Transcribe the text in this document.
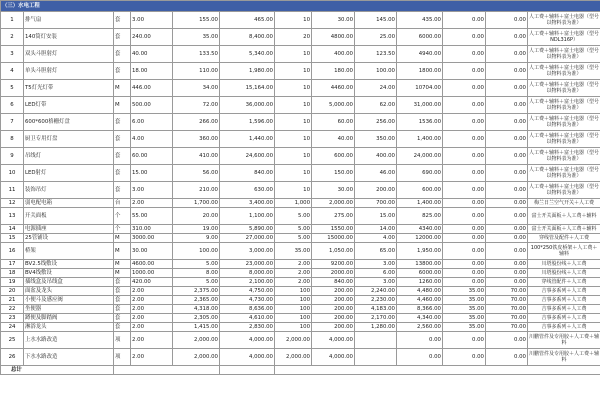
（三）水电工程												
1	排气扇	套	3.00	155.00	465.00	10	30.00	145.00	435.00	0.00	0.00	人工费＋辅料＋富士电器（型号以物料表为准）
2	140筒灯安装	套	240.00	35.00	8,400.00	20	4800.00	25.00	6000.00	0.00	0.00	人工费＋辅料＋富士电器（型号NDL316P）
3	双头斗胆射灯	套	40.00	133.50	5,340.00	10	400.00	123.50	4940.00	0.00	0.00	人工费＋辅料＋富士电器（型号以物料表为准）
4	单头斗胆射灯	套	18.00	110.00	1,980.00	10	180.00	100.00	1800.00	0.00	0.00	人工费＋辅料＋富士电器（型号以物料表为准）
5	T5灯光灯带	M	446.00	34.00	15,164.00	10	4460.00	24.00	10704.00	0.00	0.00	人工费＋辅料＋富士电器（型号以物料表为准）
6	LED灯带	M	500.00	72.00	36,000.00	10	5,000.00	62.00	31,000.00	0.00	0.00	人工费＋辅料＋富士电器（型号以物料表为准）
7	600*600格栅灯盘	套	6.00	266.00	1,596.00	10	60.00	256.00	1536.00	0.00	0.00	人工费＋辅料＋富士电器（型号以物料表为准）
8	厨卫专用灯盘	套	4.00	360.00	1,440.00	10	40.00	350.00	1,400.00	0.00	0.00	人工费＋辅料＋富士电器（型号以物料表为准）
9	吊线灯	套	60.00	410.00	24,600.00	10	600.00	400.00	24,000.00	0.00	0.00	人工费＋辅料＋富士电器（型号以物料表为准）
10	LED射灯	套	15.00	56.00	840.00	10	150.00	46.00	690.00	0.00	0.00	人工费＋辅料＋富士电器（型号以物料表为准）
11	装饰吊灯	套	3.00	210.00	630.00	10	30.00	200.00	600.00	0.00	0.00	人工费＋辅料＋富士电器（型号以物料表为准）
12	弱电配电箱	台	2.00	1,700.00	3,400.00	1,000	2,000.00	700.00	1,400.00	0.00	0.00	梅兰日兰空气开关＋人工费
13	开关面板	个	55.00	20.00	1,100.00	5.00	275.00	15.00	825.00	0.00	0.00	富士开关面板＋人工费＋辅料
14	电源插座	个	310.00	19.00	5,890.00	5.00	1550.00	14.00	4340.00	0.00	0.00	富士开关面板＋人工费＋辅料
15	25管铺设	M	3000.00	9.00	27,000.00	5.00	15000.00	4.00	12000.00	0.00	0.00	穿线管及配件＋人工费
16	桥架	M	30.00	100.00	3,000.00	35.00	1,050.00	65.00	1,950.00	0.00	0.00	100*250铁皮桥架＋人工费＋辅料
17	BV2.5线敷设	M	4600.00	5.00	23,000.00	2.00	9200.00	3.00	13800.00	0.00	0.00	川塔股份线＋人工费
18	BV4线敷设	M	1000.00	8.00	8,000.00	2.00	2000.00	6.00	6000.00	0.00	0.00	川塔股份线＋人工费
19	插线盒及吊线盒	套	420.00	5.00	2,100.00	2.00	840.00	3.00	1260.00	0.00	0.00	穿线管配件＋人工费
20	面盆及龙头	套	2.00	2,375.00	4,750.00	100	200.00	2,240.00	4,480.00	35.00	70.00	吉事多系列＋人工费
21	小便斗及感应阀	套	2.00	2,365.00	4,730.00	100	200.00	2,230.00	4,460.00	35.00	70.00	吉事多系列＋人工费
22	坐便器	套	2.00	4,318.00	8,636.00	100	200.00	4,183.00	8,366.00	35.00	70.00	吉事多系列＋人工费
23	蹲便及脚踏阀	套	2.00	2,305.00	4,610.00	100	200.00	2,170.00	4,340.00	35.00	70.00	吉事多系列＋人工费
24	淋浴龙头	套	2.00	1,415.00	2,830.00	100	200.00	1,280.00	2,560.00	35.00	70.00	吉事多系列＋人工费
25	上水水路改造	项	2.00	2,000.00	4,000.00	2,000.00	4,000.00		0.00	0.00	0.00	川鹏管件及专用胶＋人工费＋辅料
26	下水水路改造	项	2.00	2,000.00	4,000.00	2,000.00	4,000.00		0.00	0.00	0.00	川鹏管件及专用胶＋人工费＋辅料
总计					207998.00							
